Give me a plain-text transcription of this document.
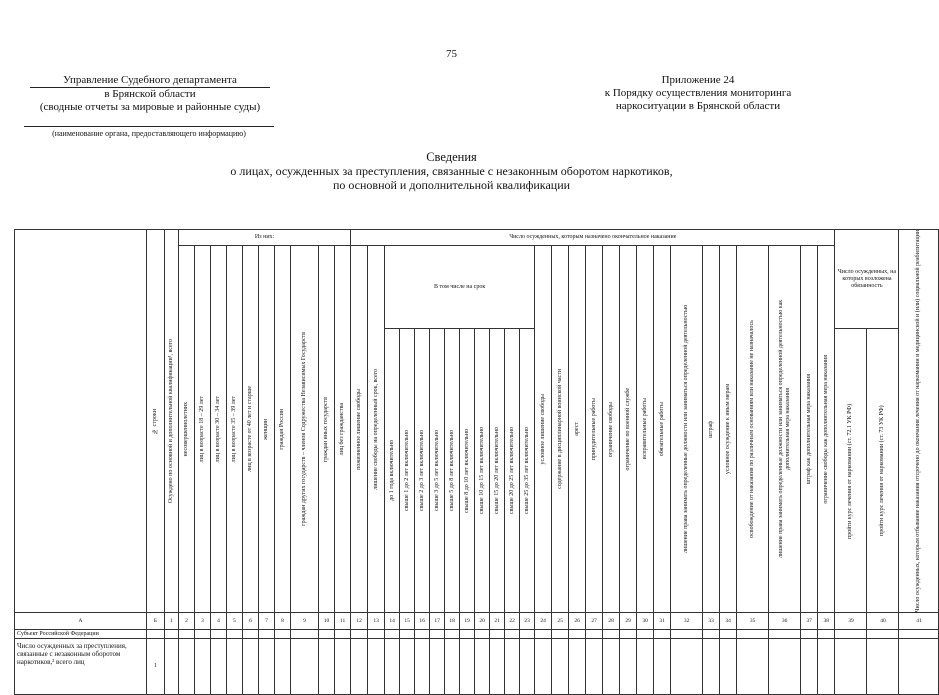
75
Управление Судебного департамента
в Брянской области
(сводные отчеты за мировые и районные суды)
(наименование органа, предоставляющего информацию)
Приложение 24
к Порядку осуществления мониторинга
наркоситуации в Брянской области
Сведения
о лицах, осужденных за преступления, связанные с незаконным оборотом наркотиков,
по основной и дополнительной квалификации

	№ строки	Осуждено по основной и дополнительной квалификации¹, всего	Из них:										Число осужденных, которым назначено окончательное наказание																											Число осужденных, на которых возложена обязанность		Число осужденных, которым отбывание наказания отсрочено до окончания лечения от наркомании и медицинской и (или) социальной реабилитации

			несовершеннолетних	лиц в возрасте 18 – 29 лет	лиц в возрасте 30 – 34 лет	лиц в возрасте 35 – 39 лет	лиц в возрасте от 40 лет и старше	женщин	граждан России	граждан других государств – членов Содружества Независимых Государств	граждан иных государств	лиц без гражданства	пожизненное лишение свободы	лишение свободы на определенный срок, всего	В том числе на срок										условное лишение свободы	содержание в дисциплинарной воинской части	арест	принудительные работы	ограничение свободы	ограничение по военной службе	исправительные работы	обязательные работы	лишение права занимать определенные должности или заниматься определенной деятельностью	штраф	условное осуждение к иным мерам	освобождение от наказания по различным основаниям или наказание не назначалось	лишение права занимать определенные должности или заниматься определенной деятельностью как дополнительная мера наказания	штраф как дополнительная мера наказания	ограничение свободы как дополнительная мера наказания			

															до 1 года включительно	свыше 1 до 2 лет включительно	свыше 2 до 3 лет включительно	свыше 3 до 5 лет включительно	свыше 5 до 8 лет включительно	свыше 8 до 10 лет включительно	свыше 10 до 15 лет включительно	свыше 15 до 20 лет включительно	свыше 20 до 25 лет включительно	свыше 25 до 35 лет включительно																пройти курс лечения от наркомании (ст. 72.1 УК РФ)	пройти курс лечения от наркомании (ст. 73 УК РФ)	

А	Б	1	2	3	4	5	6	7	8	9	10	11	12	13	14	15	16	17	18	19	20	21	22	23	24	25	26	27	28	29	30	31	32	33	34	35	36	37	38	39	40	41
Субъект Российской Федерации																																										
Число осужденных за преступления, связанные с незаконным оборотом наркотиков,² всего лиц	1																																									
